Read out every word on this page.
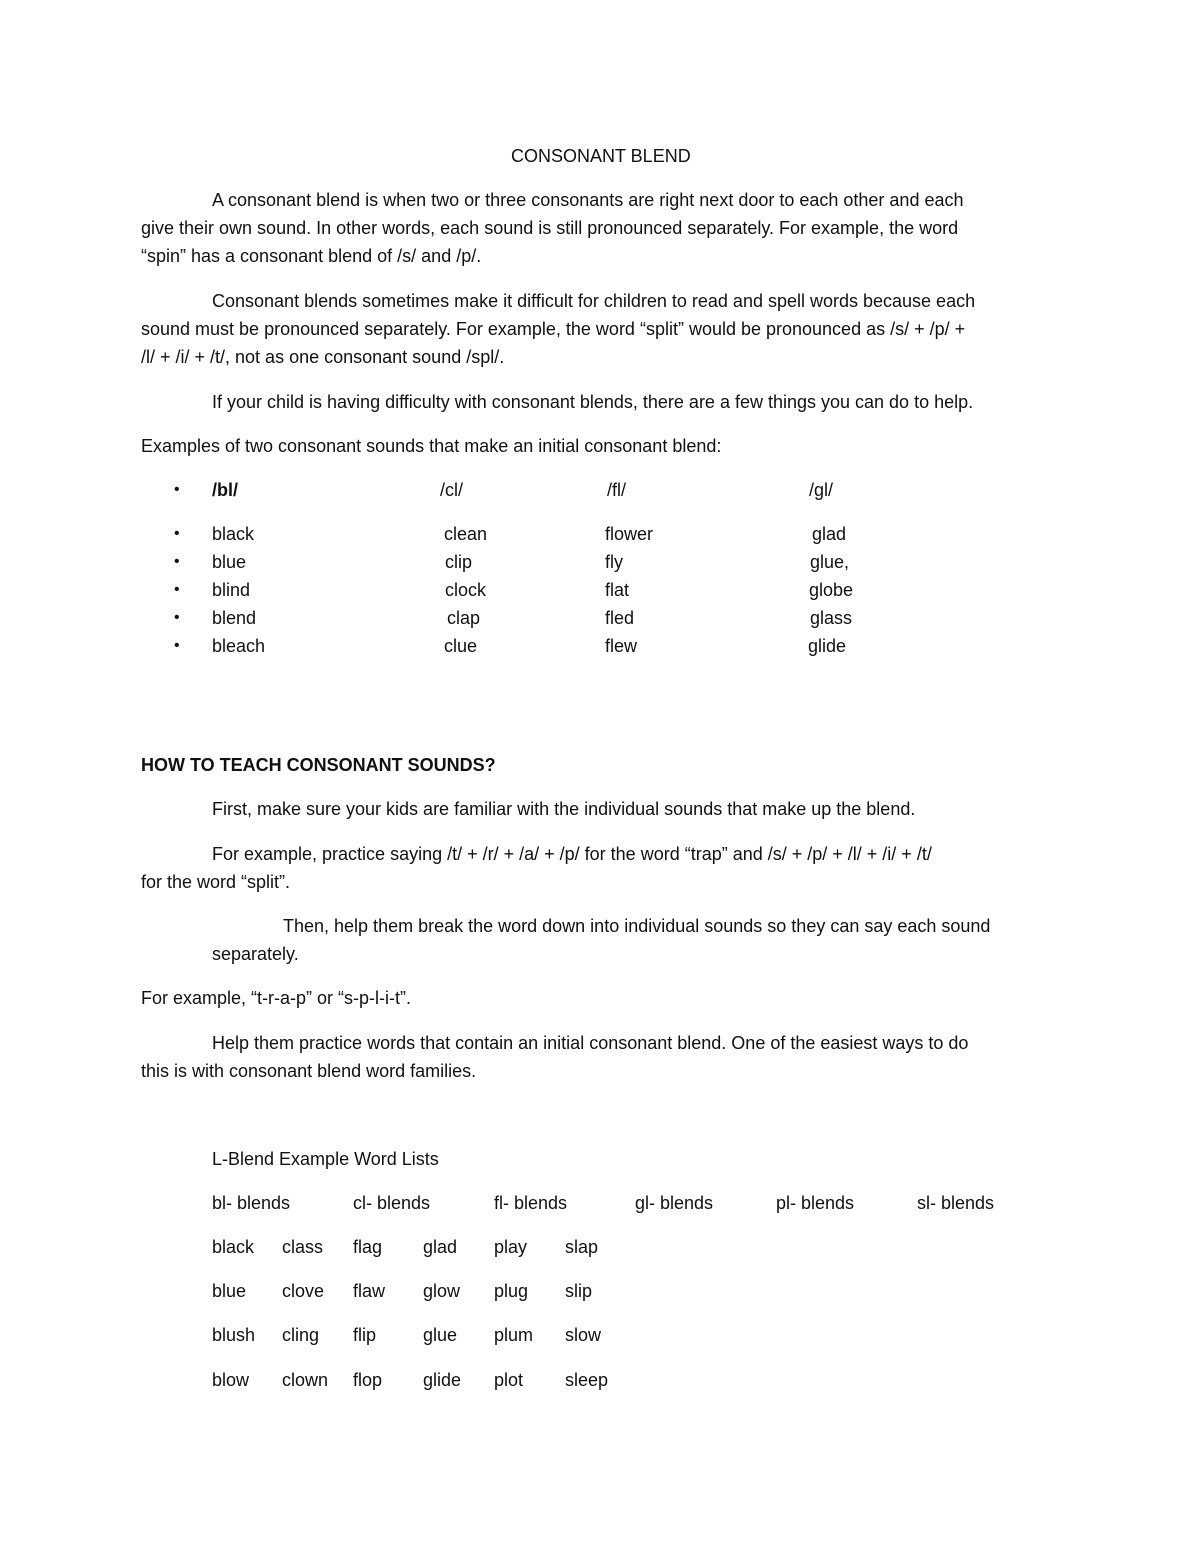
CONSONANT BLEND
A consonant blend is when two or three consonants are right next door to each other and each
give their own sound. In other words, each sound is still pronounced separately. For example, the word
“spin” has a consonant blend of /s/ and /p/.
Consonant blends sometimes make it difficult for children to read and spell words because each
sound must be pronounced separately. For example, the word “split” would be pronounced as /s/ + /p/ +
/l/ + /i/ + /t/, not as one consonant sound /spl/.
If your child is having difficulty with consonant blends, there are a few things you can do to help.
Examples of two consonant sounds that make an initial consonant blend:
•
•
•
•
•
•
/bl/	/cl/	/fl/	/gl/
black	clean	flower	glad
blue	clip	fly	glue,
blind	clock	flat	globe
blend	clap	fled	glass
bleach	clue	flew	glide
HOW TO TEACH CONSONANT SOUNDS?
First, make sure your kids are familiar with the individual sounds that make up the blend.
For example, practice saying /t/ + /r/ + /a/ + /p/ for the word “trap” and /s/ + /p/ + /l/ + /i/ + /t/
for the word “split”.
Then, help them break the word down into individual sounds so they can say each sound
separately.
For example, “t-r-a-p” or “s-p-l-i-t”.
Help them practice words that contain an initial consonant blend. One of the easiest ways to do
this is with consonant blend word families.
L-Blend Example Word Lists
bl- blends	cl- blends	fl- blends	gl- blends	pl- blends	sl- blends
black class flag glad play slap
blue clove flaw glow plug slip
blush cling flip	glue plum slow
blow clown flop glide plot sleep
